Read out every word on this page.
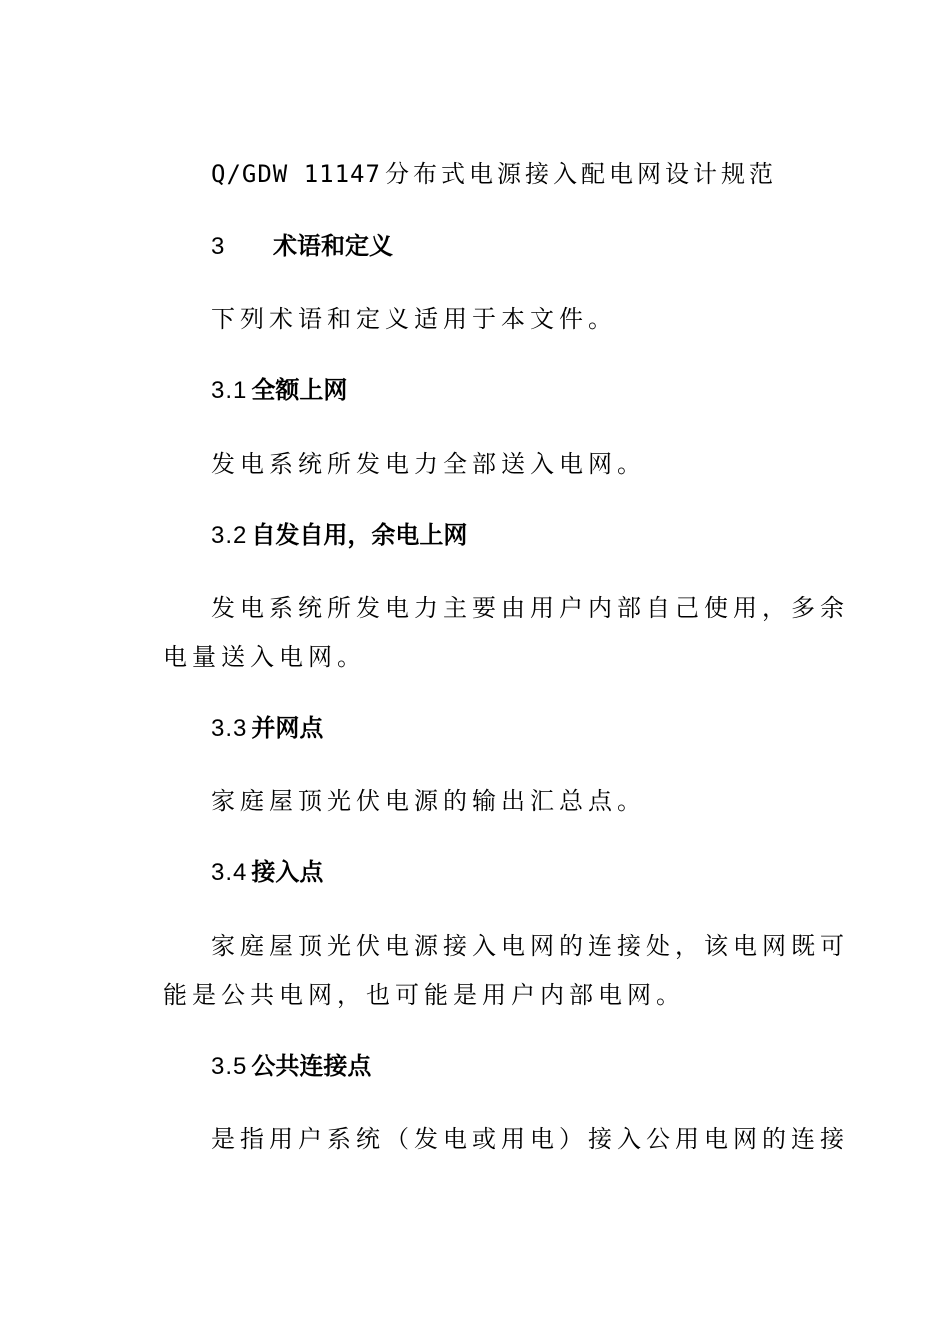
Q/GDW 11147 分布式电源接入配电网设计规范
3 术语和定义
下列术语和定义适用于本文件。
3.1 全额上网
发电系统所发电力全部送入电网。
3.2 自发自用，余电上网
发电系统所发电力主要由用户内部自己使用，多余
电量送入电网。
3.3 并网点
家庭屋顶光伏电源的输出汇总点。
3.4 接入点
家庭屋顶光伏电源接入电网的连接处，该电网既可
能是公共电网，也可能是用户内部电网。
3.5 公共连接点
是指用户系统（发电或用电）接入公用电网的连接
